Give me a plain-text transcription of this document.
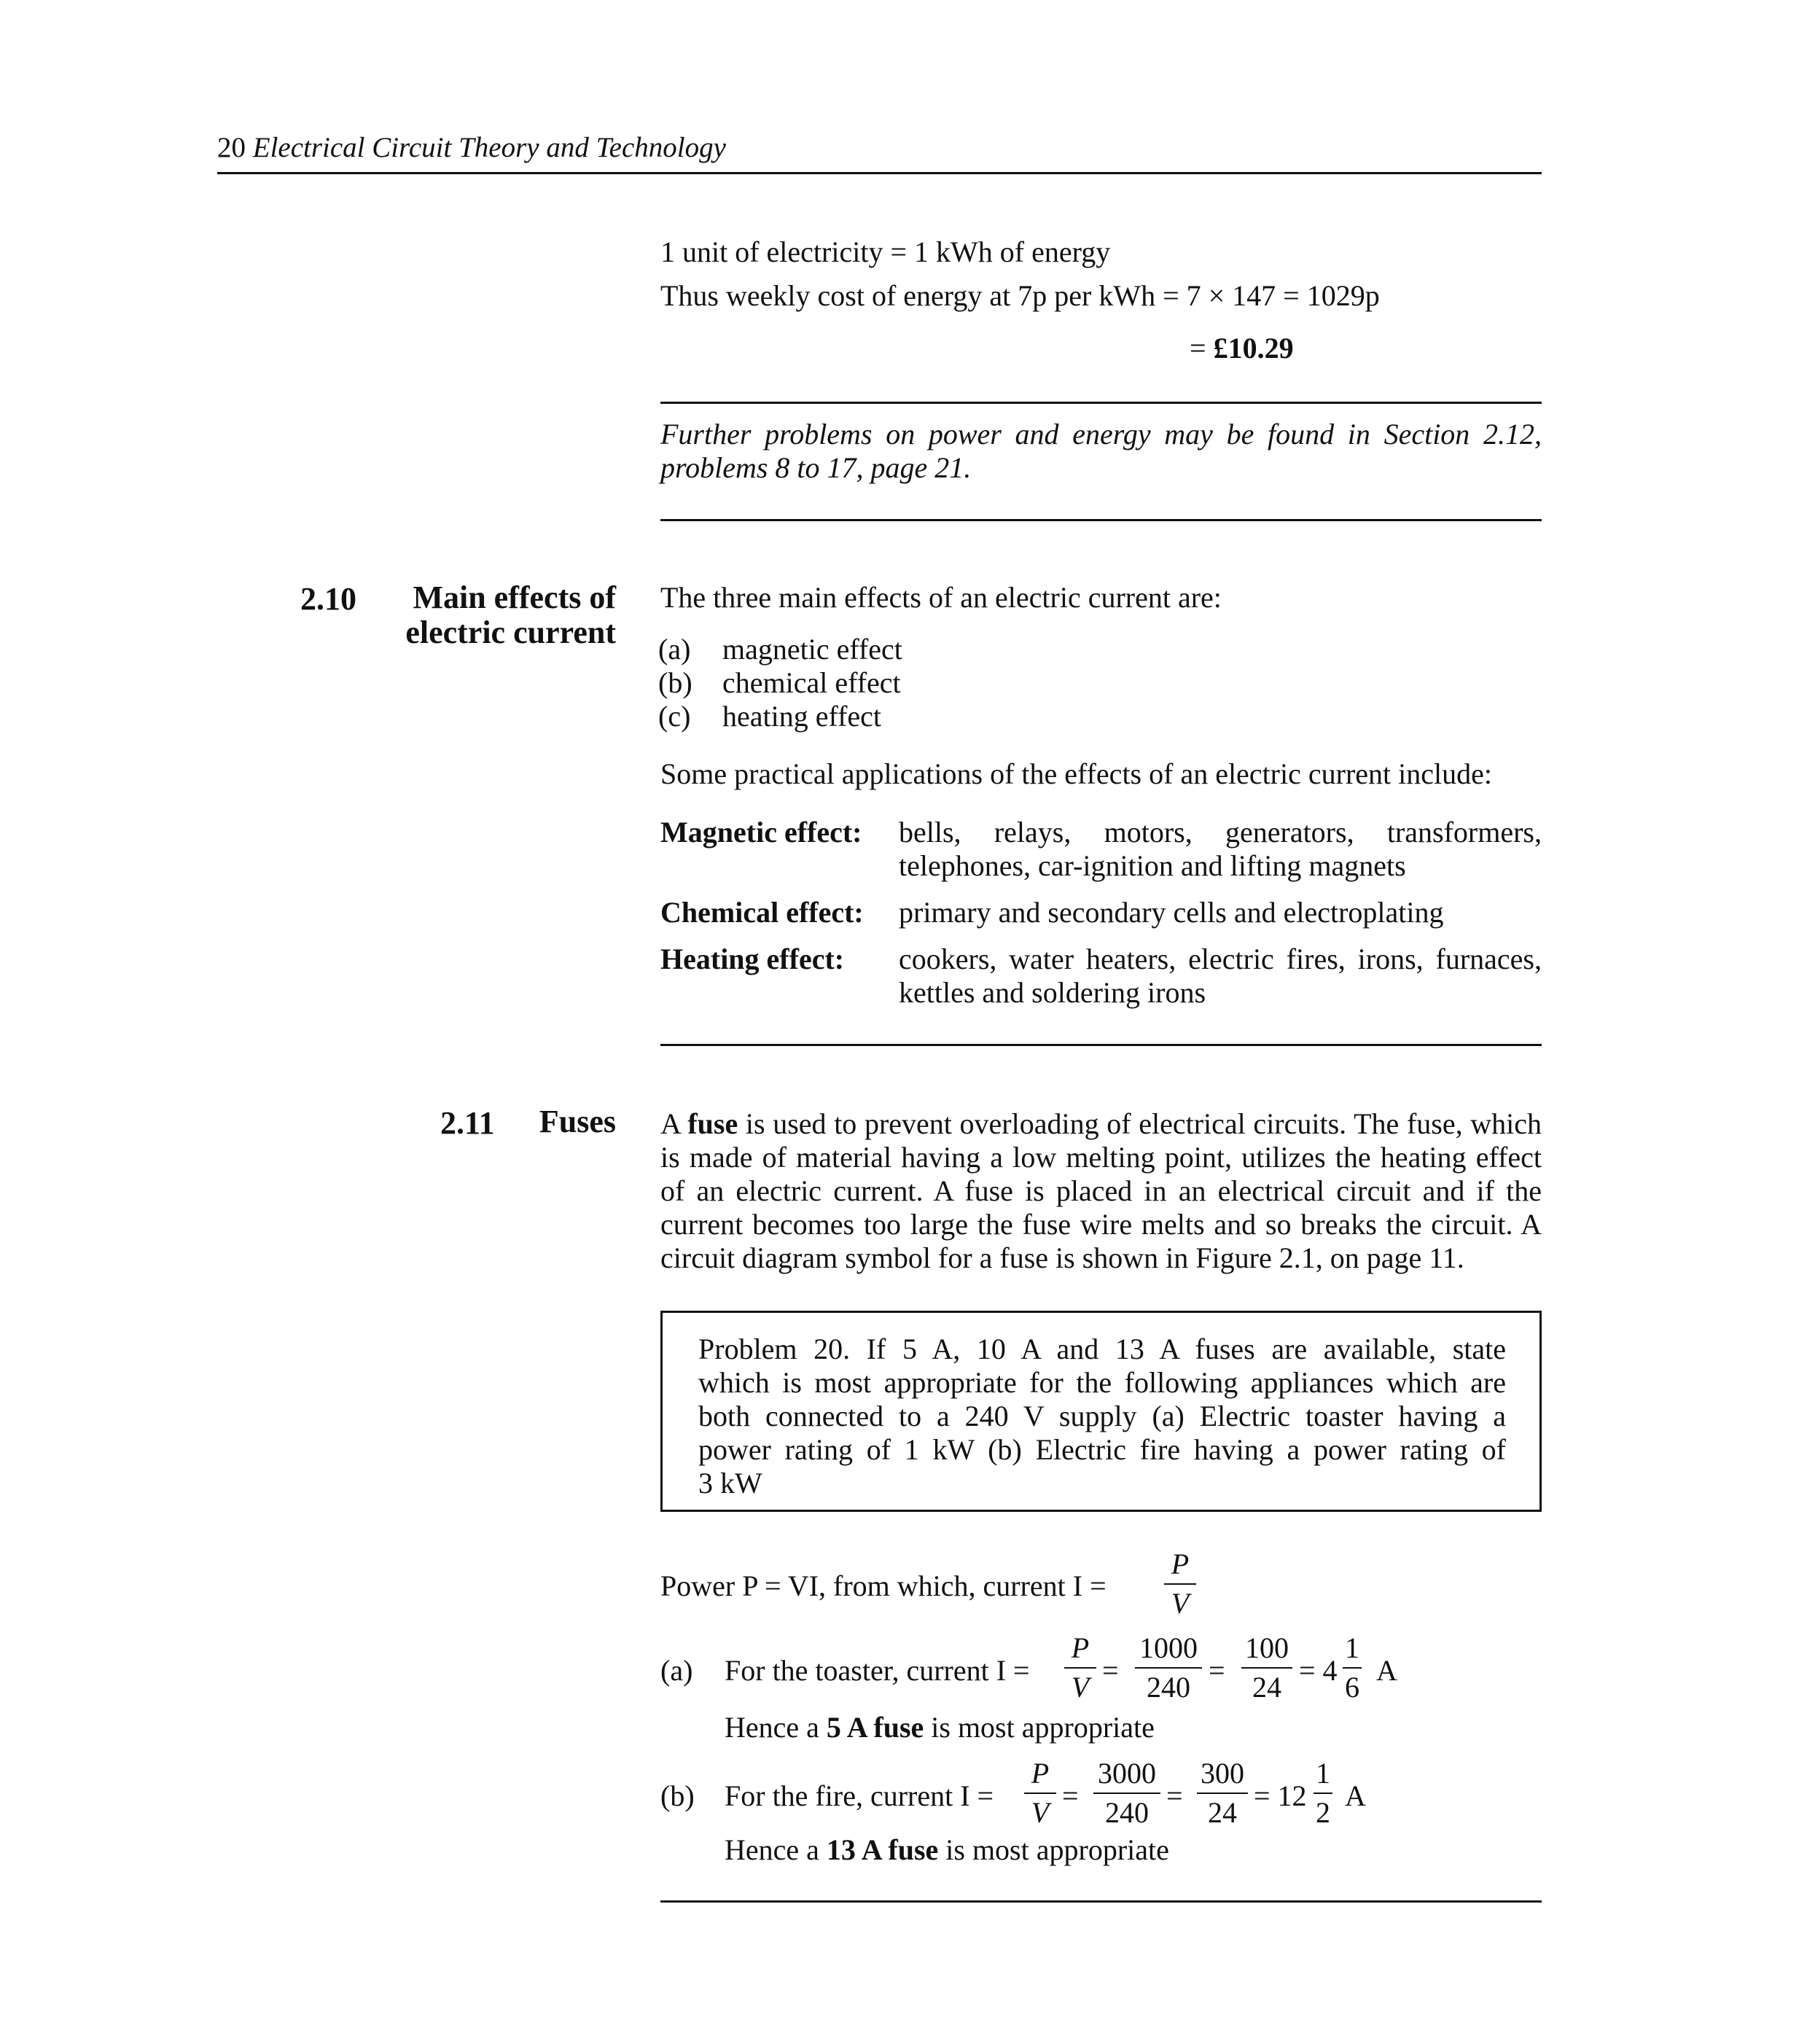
20 Electrical Circuit Theory and Technology
1 unit of electricity = 1 kWh of energy
Thus weekly cost of energy at 7p per kWh = 7 × 147 = 1029p
= £10.29
Further problems on power and energy may be found in Section 2.12,
problems 8 to 17, page 21.
2.10 Main effects of
electric current
The three main effects of an electric current are:
(a) magnetic effect
(b) chemical effect
(c) heating effect
Some practical applications of the effects of an electric current include:
Magnetic effect: bells, relays, motors, generators, transformers,
telephones, car-ignition and lifting magnets
Chemical effect: primary and secondary cells and electroplating
Heating effect: cookers, water heaters, electric fires, irons, furnaces,
kettles and soldering irons
2.11 Fuses A fuse is used to prevent overloading of electrical circuits. The fuse, which
is made of material having a low melting point, utilizes the heating effect
of an electric current. A fuse is placed in an electrical circuit and if the
current becomes too large the fuse wire melts and so breaks the circuit. A
circuit diagram symbol for a fuse is shown in Figure 2.1, on page 11.
Problem 20. If 5 A, 10 A and 13 A fuses are available, state
which is most appropriate for the following appliances which are
both connected to a 240 V supply (a) Electric toaster having a
power rating of 1 kW (b) Electric fire having a power rating of
3 kW
Power P = VI, from which, current I =
P
V
(a) For the toaster, current I =
P
V
=
1000
240
=
100
24
= 4
1
6
A
Hence a 5 A fuse is most appropriate
(b) For the fire, current I =
P
V
=
3000
240
=
300
24
= 12
1
2
A
Hence a 13 A fuse is most appropriate
